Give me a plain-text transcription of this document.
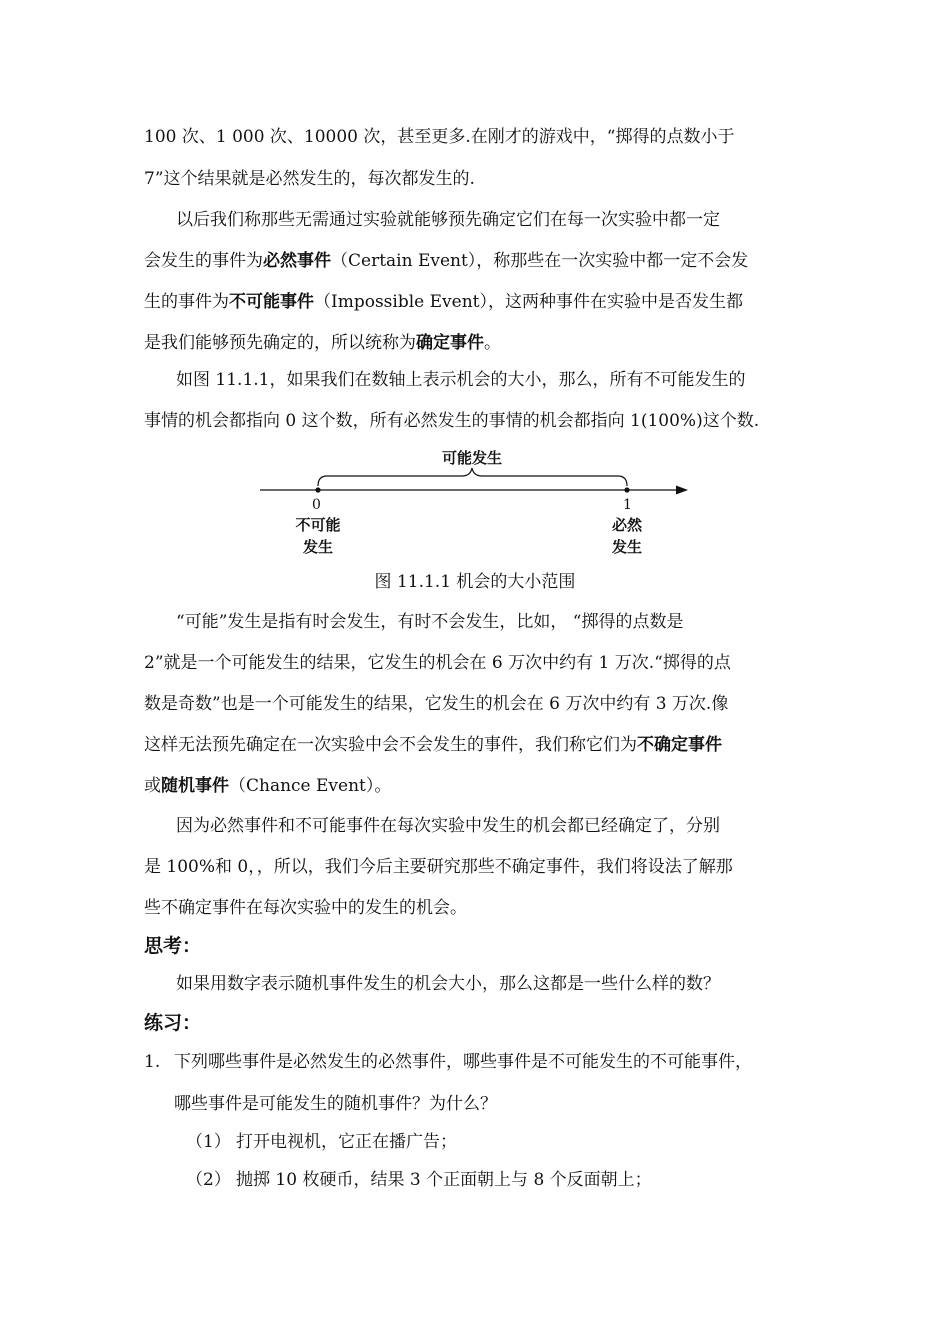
100 次、1 000 次、10000 次，甚至更多.在刚才的游戏中，“掷得的点数小于
7”这个结果就是必然发生的，每次都发生的.
以后我们称那些无需通过实验就能够预先确定它们在每一次实验中都一定
会发生的事件为必然事件（Certain Event），称那些在一次实验中都一定不会发
生的事件为不可能事件（Impossible Event），这两种事件在实验中是否发生都
是我们能够预先确定的，所以统称为确定事件。
如图 11.1.1，如果我们在数轴上表示机会的大小，那么，所有不可能发生的
事情的机会都指向 0 这个数，所有必然发生的事情的机会都指向 1(100%)这个数.
可能发生
0	1
不可能
发生
必然
发生
图 11.1.1 机会的大小范围
“可能”发生是指有时会发生，有时不会发生，比如， “掷得的点数是
2”就是一个可能发生的结果，它发生的机会在 6 万次中约有 1 万次.“掷得的点
数是奇数”也是一个可能发生的结果，它发生的机会在 6 万次中约有 3 万次.像
这样无法预先确定在一次实验中会不会发生的事件，我们称它们为不确定事件
或随机事件（Chance Event）。
因为必然事件和不可能事件在每次实验中发生的机会都已经确定了，分别
是 100%和 0，，所以，我们今后主要研究那些不确定事件，我们将设法了解那
些不确定事件在每次实验中的发生的机会。
思考：
如果用数字表示随机事件发生的机会大小，那么这都是一些什么样的数？
练习：
1. 下列哪些事件是必然发生的必然事件，哪些事件是不可能发生的不可能事件，
哪些事件是可能发生的随机事件？为什么？
（1） 打开电视机，它正在播广告；
（2） 抛掷 10 枚硬币，结果 3 个正面朝上与 8 个反面朝上；
